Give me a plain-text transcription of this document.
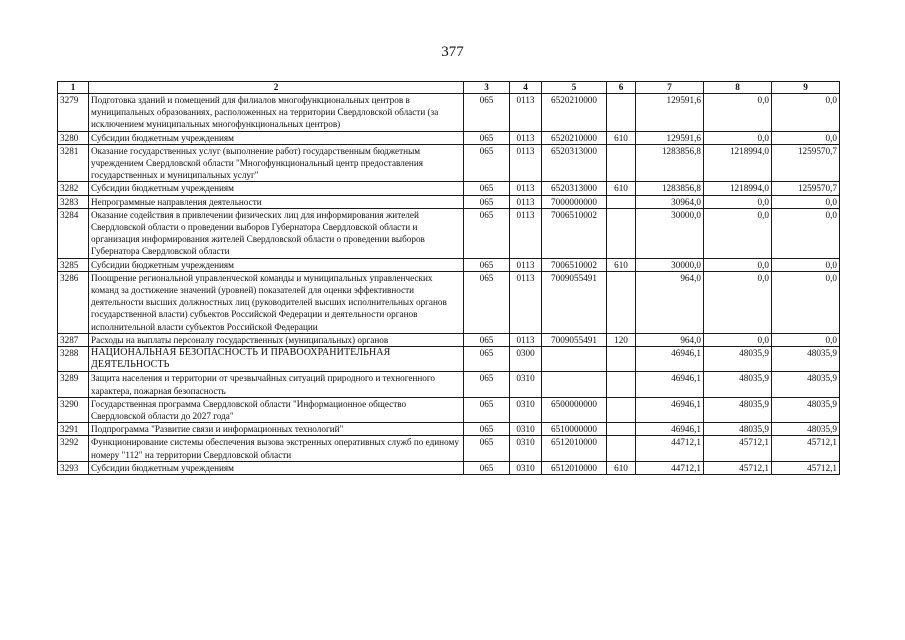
377
1	2	3	4	5	6	7	8	9
3279	Подготовка зданий и помещений для филиалов многофункциональных центров в муниципальных образованиях, расположенных на территории Свердловской области (за исключением муниципальных многофункциональных центров)	065	0113	6520210000		129591,6	0,0	0,0
3280	Субсидии бюджетным учреждениям	065	0113	6520210000	610	129591,6	0,0	0,0
3281	Оказание государственных услуг (выполнение работ) государственным бюджетным учреждением Свердловской области "Многофункциональный центр предоставления государственных и муниципальных услуг"	065	0113	6520313000		1283856,8	1218994,0	1259570,7
3282	Субсидии бюджетным учреждениям	065	0113	6520313000	610	1283856,8	1218994,0	1259570,7
3283	Непрограммные направления деятельности	065	0113	7000000000		30964,0	0,0	0,0
3284	Оказание содействия в привлечении физических лиц для информирования жителей Свердловской области о проведении выборов Губернатора Свердловской области и организация информирования жителей Свердловской области о проведении выборов Губернатора Свердловской области	065	0113	7006510002		30000,0	0,0	0,0
3285	Субсидии бюджетным учреждениям	065	0113	7006510002	610	30000,0	0,0	0,0
3286	Поощрение региональной управленческой команды и муниципальных управленческих команд за достижение значений (уровней) показателей для оценки эффективности деятельности высших должностных лиц (руководителей высших исполнительных органов государственной власти) субъектов Российской Федерации и деятельности органов исполнительной власти субъектов Российской Федерации	065	0113	7009055491		964,0	0,0	0,0
3287	Расходы на выплаты персоналу государственных (муниципальных) органов	065	0113	7009055491	120	964,0	0,0	0,0
3288	НАЦИОНАЛЬНАЯ БЕЗОПАСНОСТЬ И ПРАВООХРАНИТЕЛЬНАЯ ДЕЯТЕЛЬНОСТЬ	065	0300			46946,1	48035,9	48035,9
3289	Защита населения и территории от чрезвычайных ситуаций природного и техногенного характера, пожарная безопасность	065	0310			46946,1	48035,9	48035,9
3290	Государственная программа Свердловской области "Информационное общество Свердловской области до 2027 года"	065	0310	6500000000		46946,1	48035,9	48035,9
3291	Подпрограмма "Развитие связи и информационных технологий"	065	0310	6510000000		46946,1	48035,9	48035,9
3292	Функционирование системы обеспечения вызова экстренных оперативных служб по единому номеру "112" на территории Свердловской области	065	0310	6512010000		44712,1	45712,1	45712,1
3293	Субсидии бюджетным учреждениям	065	0310	6512010000	610	44712,1	45712,1	45712,1
